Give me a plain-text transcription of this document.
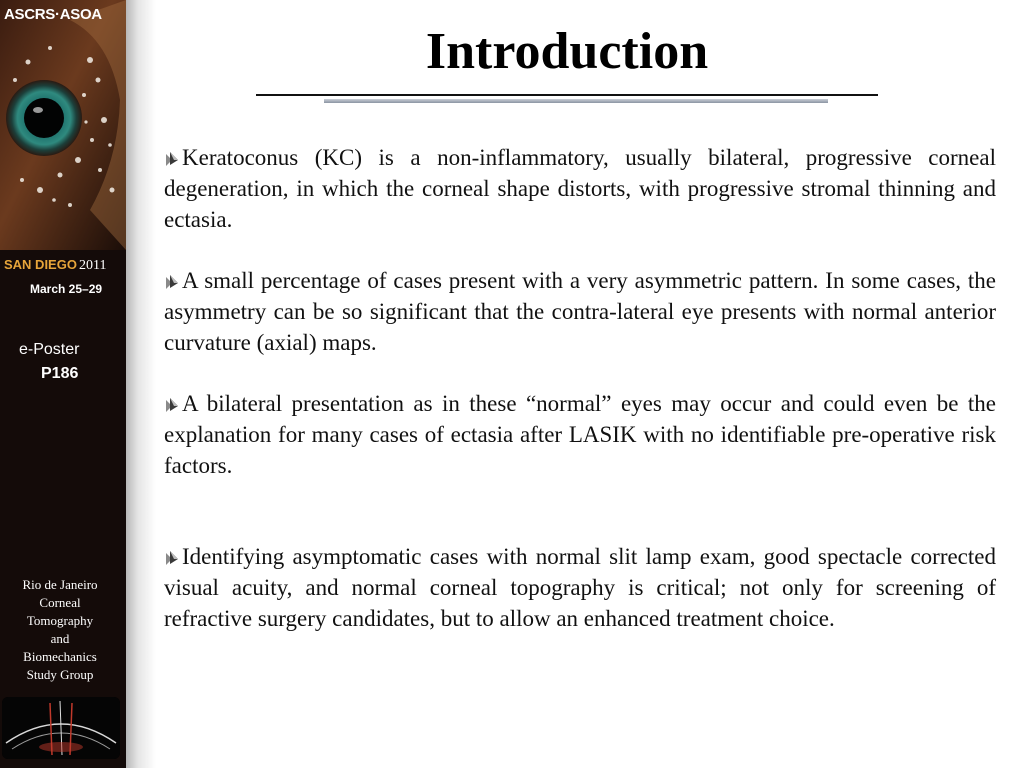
ASCRS·ASOA
SAN DIEGO 2011
March 25–29
e-Poster
P186
Rio de Janeiro
Corneal
Tomography
and
Biomechanics
Study Group
Introduction

Keratoconus (KC) is a non-inflammatory, usually bilateral, progressive corneal degeneration, in which the corneal shape distorts, with progressive stromal thinning and ectasia.

A small percentage of cases present with a very asymmetric pattern. In some cases, the asymmetry can be so significant that the contra-lateral eye presents with normal anterior curvature (axial) maps.

A bilateral presentation as in these “normal” eyes may occur and could even be the explanation for many cases of ectasia after LASIK with no identifiable pre-operative risk factors.

Identifying asymptomatic cases with normal slit lamp exam, good spectacle corrected visual acuity, and normal corneal topography is critical; not only for screening of refractive surgery candidates, but to allow an enhanced treatment choice.
